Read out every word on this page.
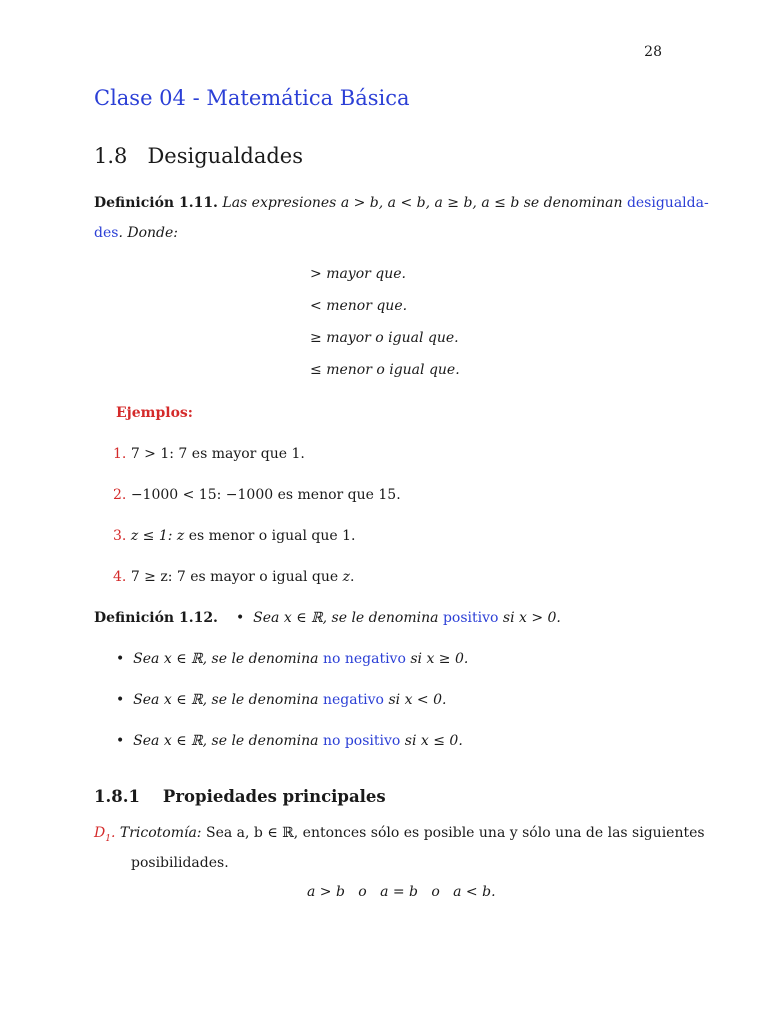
28
Clase 04 - Matemática Básica
1.8 Desigualdades
Definición 1.11. Las expresiones a > b, a < b, a ≥ b, a ≤ b se denominan desigualda-
des. Donde:
> mayor que.
< menor que.
≥ mayor o igual que.
≤ menor o igual que.
Ejemplos:
1. 7 > 1: 7 es mayor que 1.
2. −1000 < 15: −1000 es menor que 15.
3. z ≤ 1: z es menor o igual que 1.
4. 7 ≥ z: 7 es mayor o igual que z.
Definición 1.12. • Sea x ∈ ℝ, se le denomina positivo si x > 0.
• Sea x ∈ ℝ, se le denomina no negativo si x ≥ 0.
• Sea x ∈ ℝ, se le denomina negativo si x < 0.
• Sea x ∈ ℝ, se le denomina no positivo si x ≤ 0.
1.8.1 Propiedades principales
$D_1$. Tricotomía: Sea a, b ∈ ℝ, entonces sólo es posible una y sólo una de las siguientes
posibilidades.
a > b   o   a = b   o   a < b.
